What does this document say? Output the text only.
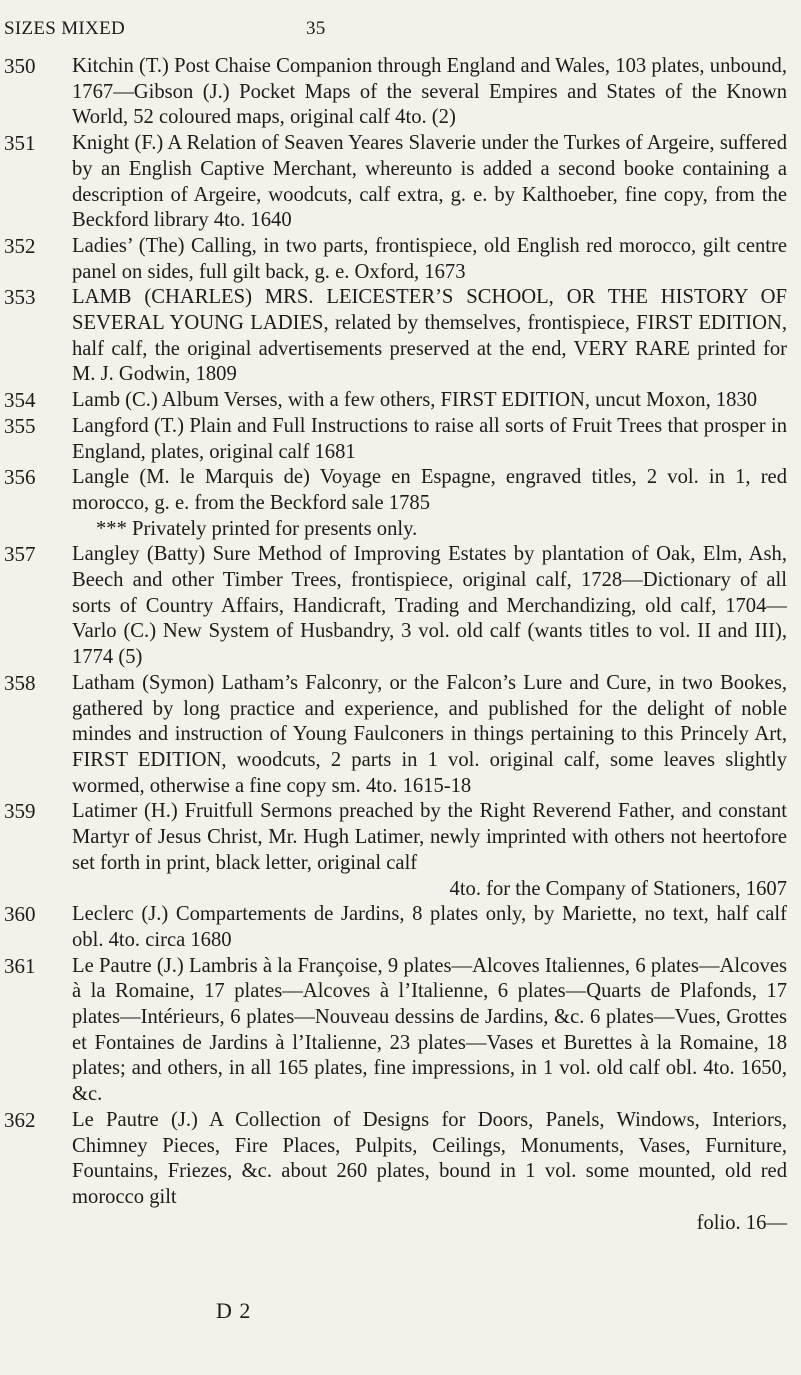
SIZES MIXED	35
350 Kitchin (T.) Post Chaise Companion through England and Wales, 103 plates, unbound, 1767—Gibson (J.) Pocket Maps of the several Empires and States of the Known World, 52 coloured maps, original calf 4to. (2)

351 Knight (F.) A Relation of Seaven Yeares Slaverie under the Turkes of Argeire, suffered by an English Captive Merchant, whereunto is added a second booke containing a description of Argeire, woodcuts, calf extra, g. e. by Kalthoeber, fine copy, from the Beckford library 4to. 1640

352 Ladies’ (The) Calling, in two parts, frontispiece, old English red morocco, gilt centre panel on sides, full gilt back, g. e. Oxford, 1673

353 LAMB (CHARLES) MRS. LEICESTER’S SCHOOL, OR THE HISTORY OF SEVERAL YOUNG LADIES, related by themselves, frontispiece, FIRST EDITION, half calf, the original advertisements preserved at the end, VERY RARE printed for M. J. Godwin, 1809

354 Lamb (C.) Album Verses, with a few others, FIRST EDITION, uncut Moxon, 1830

355 Langford (T.) Plain and Full Instructions to raise all sorts of Fruit Trees that prosper in England, plates, original calf 1681

356 Langle (M. le Marquis de) Voyage en Espagne, engraved titles, 2 vol. in 1, red morocco, g. e. from the Beckford sale 1785

*** Privately printed for presents only.

357 Langley (Batty) Sure Method of Improving Estates by plantation of Oak, Elm, Ash, Beech and other Timber Trees, frontispiece, original calf, 1728—Dictionary of all sorts of Country Affairs, Handicraft, Trading and Merchandizing, old calf, 1704—Varlo (C.) New System of Husbandry, 3 vol. old calf (wants titles to vol. II and III), 1774 (5)

358 Latham (Symon) Latham’s Falconry, or the Falcon’s Lure and Cure, in two Bookes, gathered by long practice and experience, and published for the delight of noble mindes and instruction of Young Faulconers in things pertaining to this Princely Art, FIRST EDITION, woodcuts, 2 parts in 1 vol. original calf, some leaves slightly wormed, otherwise a fine copy sm. 4to. 1615-18

359 Latimer (H.) Fruitfull Sermons preached by the Right Reverend Father, and constant Martyr of Jesus Christ, Mr. Hugh Latimer, newly imprinted with others not heertofore set forth in print, black letter, original calf

4to. for the Company of Stationers, 1607

360 Leclerc (J.) Compartements de Jardins, 8 plates only, by Mariette, no text, half calf obl. 4to. circa 1680

361 Le Pautre (J.) Lambris à la Françoise, 9 plates—Alcoves Italiennes, 6 plates—Alcoves à la Romaine, 17 plates—Alcoves à l’Italienne, 6 plates—Quarts de Plafonds, 17 plates—Intérieurs, 6 plates—Nouveau dessins de Jardins, &c. 6 plates—Vues, Grottes et Fontaines de Jardins à l’Italienne, 23 plates—Vases et Burettes à la Romaine, 18 plates; and others, in all 165 plates, fine impressions, in 1 vol. old calf obl. 4to. 1650, &c.

362 Le Pautre (J.) A Collection of Designs for Doors, Panels, Windows, Interiors, Chimney Pieces, Fire Places, Pulpits, Ceilings, Monuments, Vases, Furniture, Fountains, Friezes, &c. about 260 plates, bound in 1 vol. some mounted, old red morocco gilt

folio. 16—

D 2
